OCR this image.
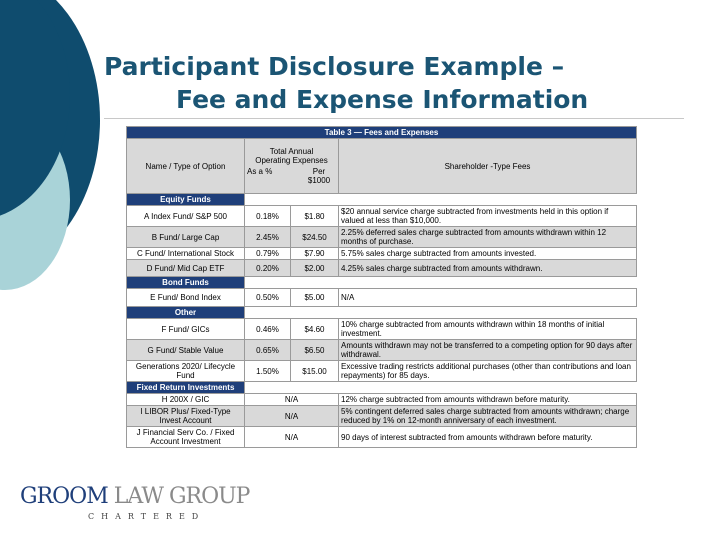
Participant Disclosure Example –
Fee and Expense Information
Table 3 — Fees and Expenses			
Name / Type of Option	Total Annual Operating Expenses
As a % Per $1000		Shareholder -Type Fees
Equity Funds			
A Index Fund/ S&P 500	0.18%	$1.80	$20 annual service charge subtracted from investments held in this option if valued at less than $10,000.
B Fund/ Large Cap	2.45%	$24.50	2.25% deferred sales charge subtracted from amounts withdrawn within 12 months of purchase.
C Fund/ International Stock	0.79%	$7.90	5.75% sales charge subtracted from amounts invested.
D Fund/ Mid Cap ETF	0.20%	$2.00	4.25% sales charge subtracted from amounts withdrawn.
Bond Funds			
E Fund/ Bond Index	0.50%	$5.00	N/A
Other			
F Fund/ GICs	0.46%	$4.60	10% charge subtracted from amounts withdrawn within 18 months of initial investment.
G Fund/ Stable Value	0.65%	$6.50	Amounts withdrawn may not be transferred to a competing option for 90 days after withdrawal.
Generations 2020/ Lifecycle Fund	1.50%	$15.00	Excessive trading restricts additional purchases (other than contributions and loan repayments) for 85 days.
Fixed Return Investments			
H 200X / GIC	N/A		12% charge subtracted from amounts withdrawn before maturity.
I LIBOR Plus/ Fixed-Type Invest Account	N/A		5% contingent deferred sales charge subtracted from amounts withdrawn; charge reduced by 1% on 12-month anniversary of each investment.
J Financial Serv Co. / Fixed Account Investment	N/A		90 days of interest subtracted from amounts withdrawn before maturity.
GROOM LAW GROUP
CHARTERED
